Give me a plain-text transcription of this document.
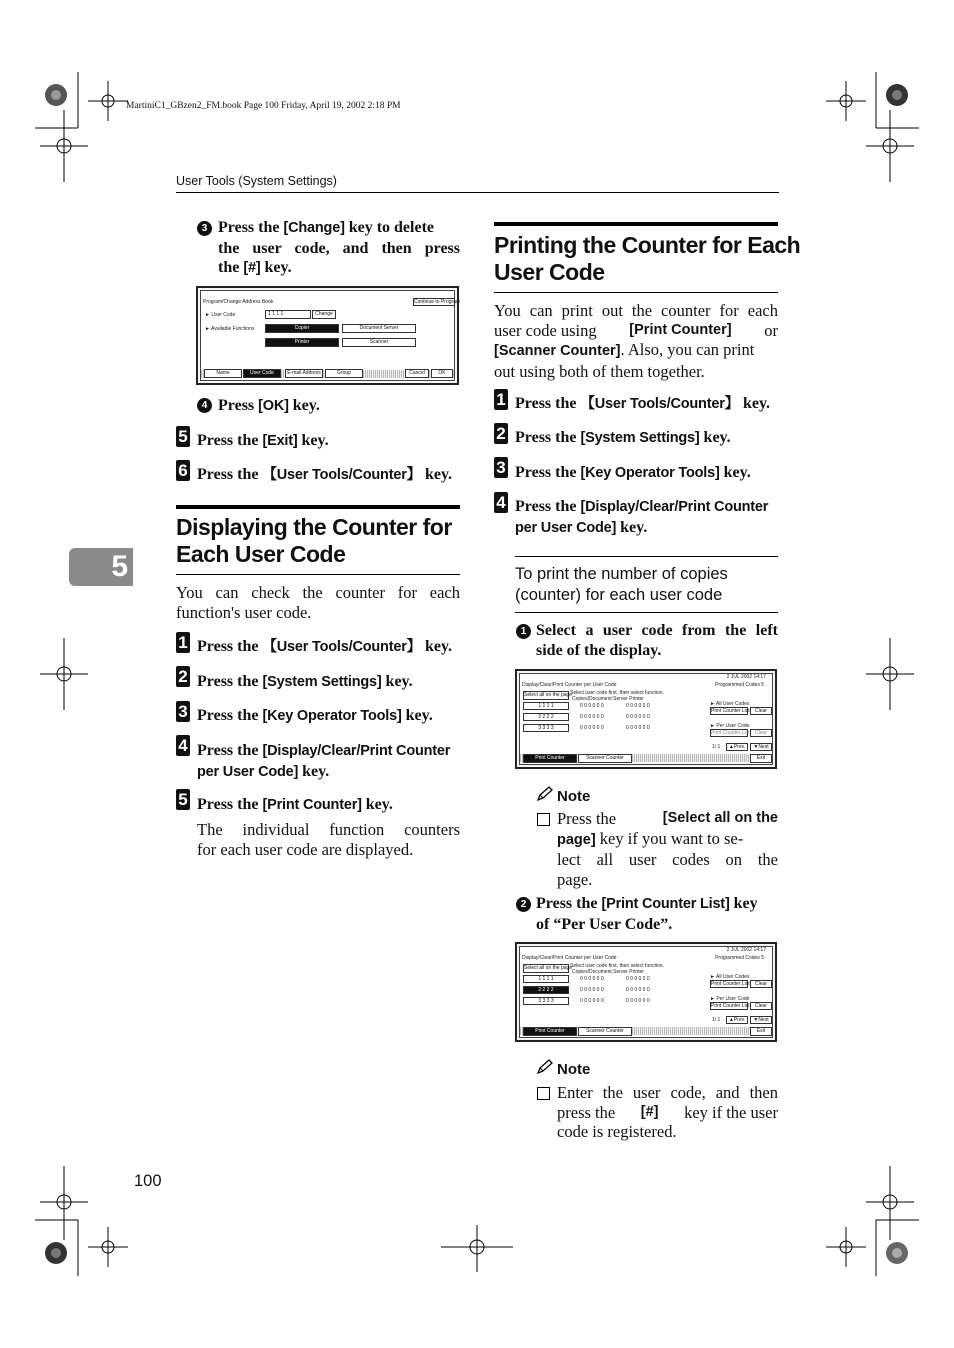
MartiniC1_GBzen2_FM.book Page 100 Friday, April 19, 2002 2:18 PM
User Tools (System Settings)
5
3 Press the [Change] key to delete
the user code, and then press
the [#] key.
Program/Change Address Book	Continue to Program
► User Code	1 1 1 1	Change
► Available Functions	Copier	Document Server
Printer	Scanner
Name	User Code	E-mail Address	Group	Cancel	OK
4 Press [OK] key.
5 Press the [Exit] key.
6 Press the 【User Tools/Counter】 key.
Displaying the Counter for
Each User Code
You can check the counter for each
function's user code.
1 Press the 【User Tools/Counter】 key.
2 Press the [System Settings] key.
3 Press the [Key Operator Tools] key.
4 Press the [Display/Clear/Print Counter
per User Code] key.
5 Press the [Print Counter] key.
The individual function counters
for each user code are displayed.
Printing the Counter for Each
User Code
You can print out the counter for each
user code using [Print Counter] or
[Scanner Counter]. Also, you can print
out using both of them together.
1 Press the 【User Tools/Counter】 key.
2 Press the [System Settings] key.
3 Press the [Key Operator Tools] key.
4 Press the [Display/Clear/Print Counter
per User Code] key.
To print the number of copies
(counter) for each user code
1 Select a user code from the left
side of the display.
2 JUL 2002 14:17
Display/Clear/Print Counter per User Code	Programmed Codes 5
Select all on the page
Select user code first, then select function.
Copies/Document Server Printer
1 1 1 1	0 0 0 0 0 0	0 0 0 0 0 0
2 2 2 2	0 0 0 0 0 0	0 0 0 0 0 0
3 3 3 3	0 0 0 0 0 0	0 0 0 0 0 0
► All User Codes
Print Counter List	Clear
► Per User Code
Print Counter List	Clear
1/ 1	▲Prev.	▼Next
Print Counter	Scanner Counter	Exit
Note
Press the	[Select all on the
page] key if you want to se-
lect all user codes on the
page.
2 Press the [Print Counter List] key
of “Per User Code”.
2 JUL 2002 14:17
Display/Clear/Print Counter per User Code	Programmed Codes 5
Select all on the page
Select user code first, then select function.
Copies/Document Server Printer
1 1 1 1	0 0 0 0 0 0	0 0 0 0 0 0
2 2 2 2	0 0 0 0 0 0	0 0 0 0 0 0
3 3 3 3	0 0 0 0 0 0	0 0 0 0 0 0
► All User Codes
Print Counter List	Clear
► Per User Code
Print Counter List	Clear
1/ 1	▲Prev.	▼Next
Print Counter	Scanner Counter	Exit
Note
Enter the user code, and then
press the [#] key if the user
code is registered.
100
